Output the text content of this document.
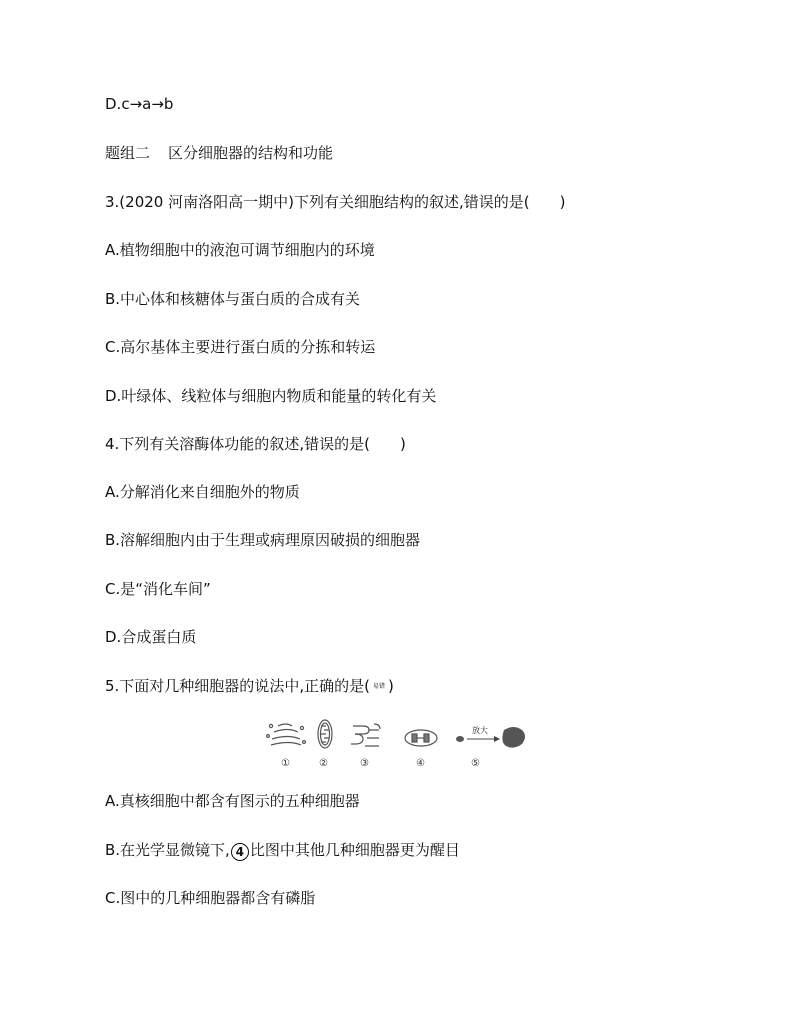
D.c→a→b
题组二 区分细胞器的结构和功能
3.(2020 河南洛阳高一期中)下列有关细胞结构的叙述,错误的是( )
A.植物细胞中的液泡可调节细胞内的环境
B.中心体和核糖体与蛋白质的合成有关
C.高尔基体主要进行蛋白质的分拣和转运
D.叶绿体、线粒体与细胞内物质和能量的转化有关
4.下列有关溶酶体功能的叙述,错误的是( )
A.分解消化来自细胞外的物质
B.溶解细胞内由于生理或病理原因破损的细胞器
C.是“消化车间”
D.合成蛋白质
5.下面对几种细胞器的说法中,正确的是( 易错 )
放大
①	②	③	④	⑤
A.真核细胞中都含有图示的五种细胞器
B.在光学显微镜下, 4 比图中其他几种细胞器更为醒目
C.图中的几种细胞器都含有磷脂
